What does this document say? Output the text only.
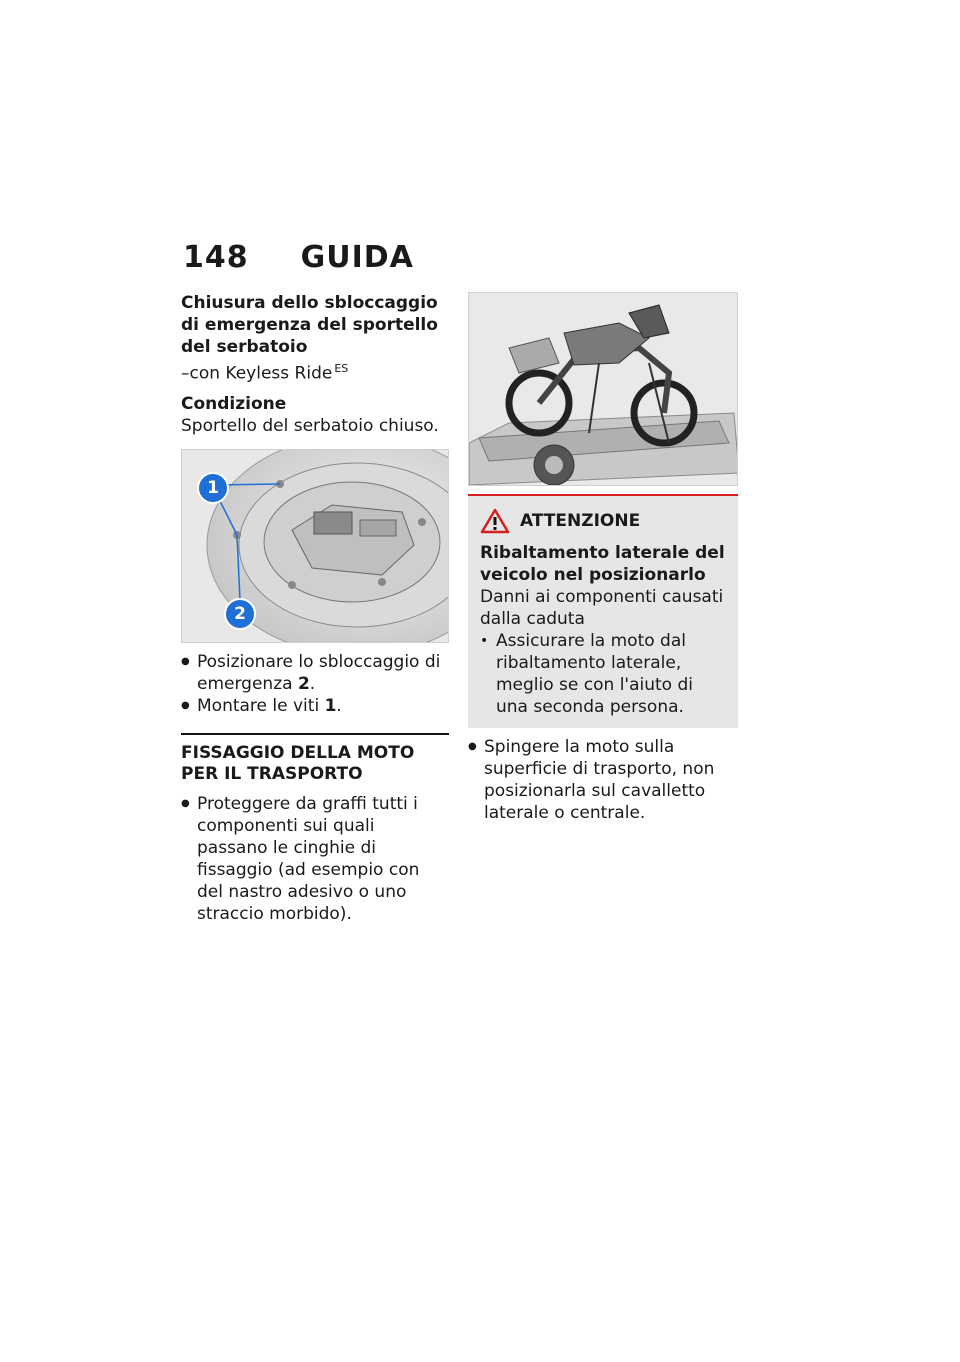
148 GUIDA
Chiusura dello sbloccaggio di emergenza del sportello del serbatoio
–con Keyless Ride $^{ES}$
Condizione
Sportello del serbatoio chiuso.
1
2
● Posizionare lo sbloccaggio di emergenza 2.
● Montare le viti 1.
FISSAGGIO DELLA MOTO PER IL TRASPORTO
● Proteggere da graffi tutti i componenti sui quali passano le cinghie di fissaggio (ad esempio con del nastro adesivo o uno straccio morbido).
ATTENZIONE
Ribaltamento laterale del veicolo nel posizionarlo
Danni ai componenti causati dalla caduta
• Assicurare la moto dal ribaltamento laterale, meglio se con l'aiuto di una seconda persona.
● Spingere la moto sulla superficie di trasporto, non posizionarla sul cavalletto laterale o centrale.
